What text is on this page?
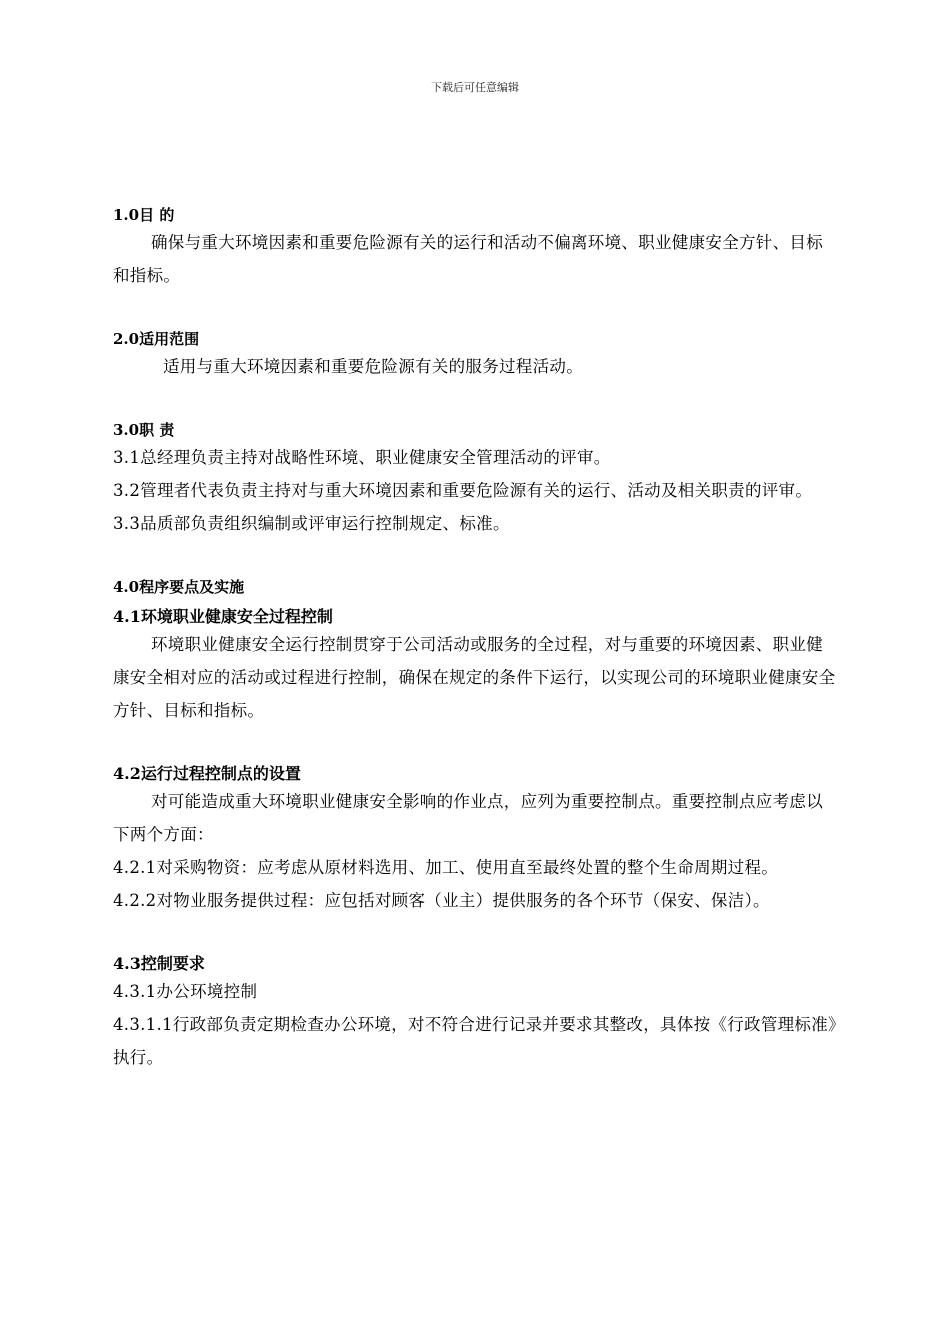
下载后可任意编辑

1.0目 的

确保与重大环境因素和重要危险源有关的运行和活动不偏离环境、职业健康安全方针、目标和指标。

2.0适用范围

适用与重大环境因素和重要危险源有关的服务过程活动。

3.0职 责

3.1总经理负责主持对战略性环境、职业健康安全管理活动的评审。

3.2管理者代表负责主持对与重大环境因素和重要危险源有关的运行、活动及相关职责的评审。

3.3品质部负责组织编制或评审运行控制规定、标准。

4.0程序要点及实施

4.1环境职业健康安全过程控制

环境职业健康安全运行控制贯穿于公司活动或服务的全过程，对与重要的环境因素、职业健康安全相对应的活动或过程进行控制，确保在规定的条件下运行，以实现公司的环境职业健康安全方针、目标和指标。

4.2运行过程控制点的设置

对可能造成重大环境职业健康安全影响的作业点，应列为重要控制点。重要控制点应考虑以下两个方面：

4.2.1对采购物资：应考虑从原材料选用、加工、使用直至最终处置的整个生命周期过程。

4.2.2对物业服务提供过程：应包括对顾客（业主）提供服务的各个环节（保安、保洁）。

4.3控制要求

4.3.1办公环境控制

4.3.1.1行政部负责定期检查办公环境，对不符合进行记录并要求其整改，具体按《行政管理标准》执行。
